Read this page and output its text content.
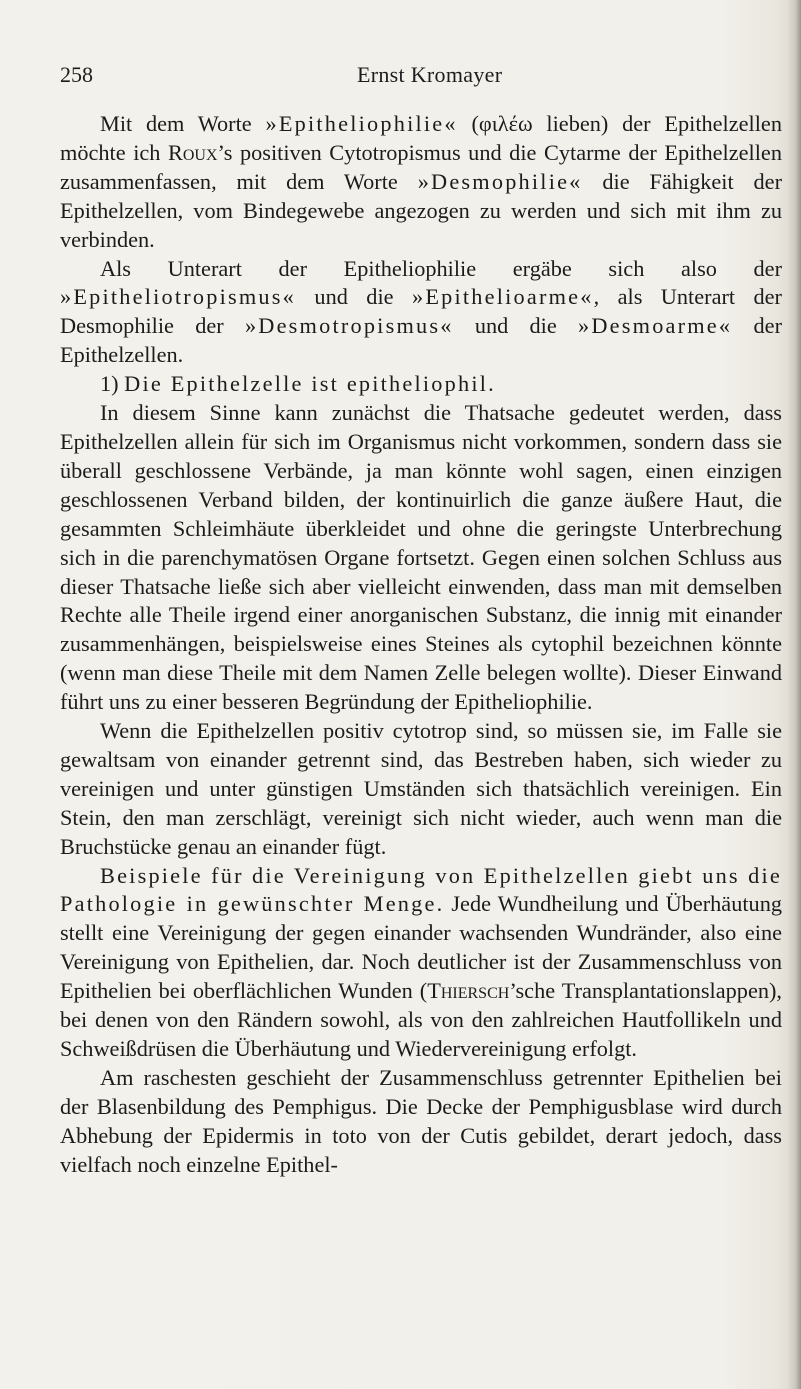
258	Ernst Kromayer

Mit dem Worte »Epitheliophilie« (φιλέω lieben) der Epithelzellen möchte ich Roux’s positiven Cytotropismus und die Cytarme der Epithelzellen zusammenfassen, mit dem Worte »Desmophilie« die Fähigkeit der Epithelzellen, vom Bindegewebe angezogen zu werden und sich mit ihm zu verbinden.

Als Unterart der Epitheliophilie ergäbe sich also der »Epitheliotropismus« und die »Epithelioarme«, als Unterart der Desmophilie der »Desmotropismus« und die »Desmoarme« der Epithelzellen.

1) Die Epithelzelle ist epitheliophil.

In diesem Sinne kann zunächst die Thatsache gedeutet werden, dass Epithelzellen allein für sich im Organismus nicht vorkommen, sondern dass sie überall geschlossene Verbände, ja man könnte wohl sagen, einen einzigen geschlossenen Verband bilden, der kontinuirlich die ganze äußere Haut, die gesammten Schleimhäute überkleidet und ohne die geringste Unterbrechung sich in die parenchymatösen Organe fortsetzt. Gegen einen solchen Schluss aus dieser Thatsache ließe sich aber vielleicht einwenden, dass man mit demselben Rechte alle Theile irgend einer anorganischen Substanz, die innig mit einander zusammenhängen, beispielsweise eines Steines als cytophil bezeichnen könnte (wenn man diese Theile mit dem Namen Zelle belegen wollte). Dieser Einwand führt uns zu einer besseren Begründung der Epitheliophilie.

Wenn die Epithelzellen positiv cytotrop sind, so müssen sie, im Falle sie gewaltsam von einander getrennt sind, das Bestreben haben, sich wieder zu vereinigen und unter günstigen Umständen sich thatsächlich vereinigen. Ein Stein, den man zerschlägt, vereinigt sich nicht wieder, auch wenn man die Bruchstücke genau an einander fügt.

Beispiele für die Vereinigung von Epithelzellen giebt uns die Pathologie in gewünschter Menge. Jede Wundheilung und Überhäutung stellt eine Vereinigung der gegen einander wachsenden Wundränder, also eine Vereinigung von Epithelien, dar. Noch deutlicher ist der Zusammenschluss von Epithelien bei oberflächlichen Wunden (Thiersch’sche Transplantationslappen), bei denen von den Rändern sowohl, als von den zahlreichen Hautfollikeln und Schweißdrüsen die Überhäutung und Wiedervereinigung erfolgt.

Am raschesten geschieht der Zusammenschluss getrennter Epithelien bei der Blasenbildung des Pemphigus. Die Decke der Pemphigusblase wird durch Abhebung der Epidermis in toto von der Cutis gebildet, derart jedoch, dass vielfach noch einzelne Epithel-
